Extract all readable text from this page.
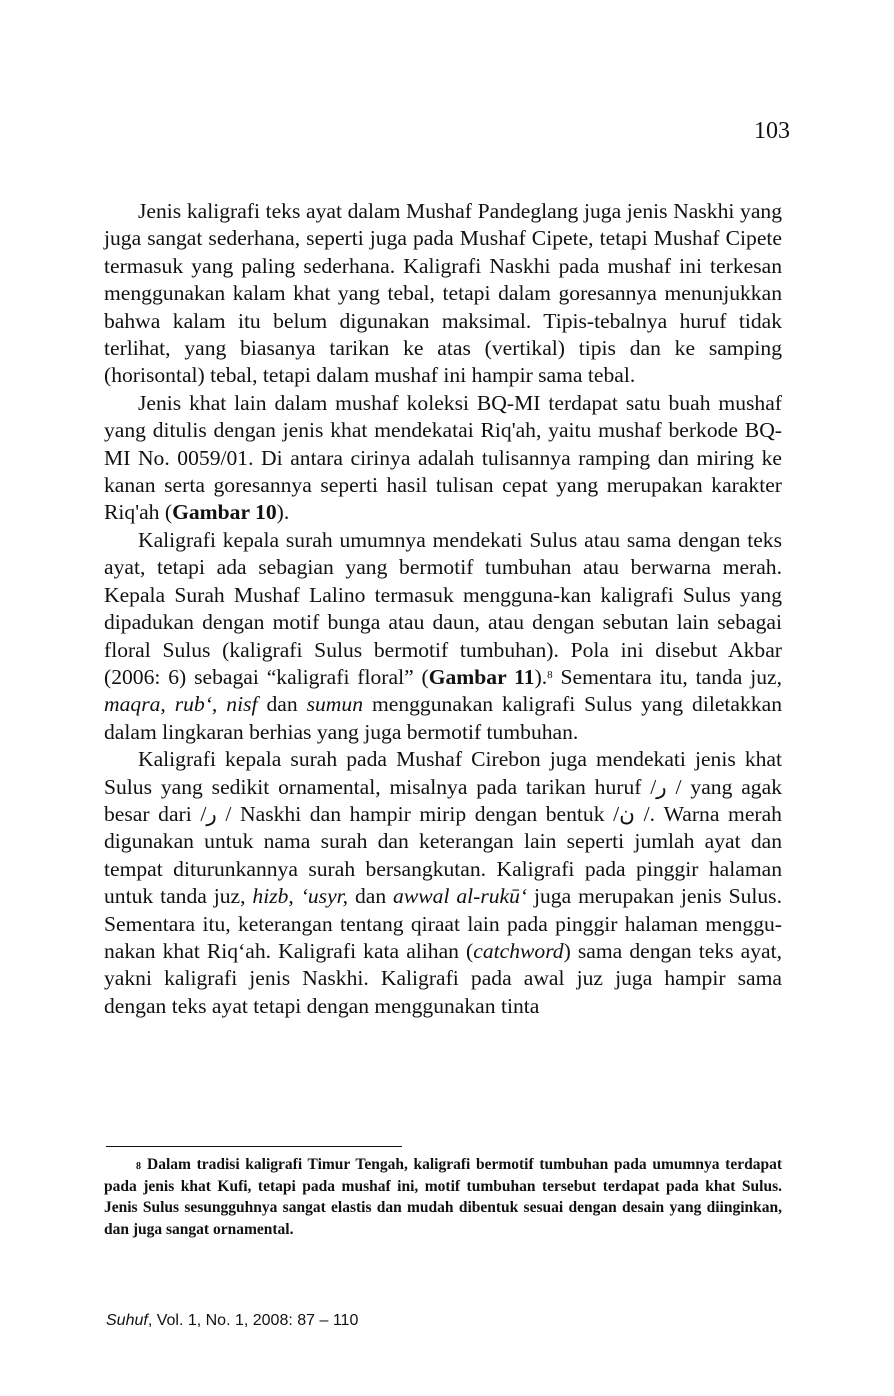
103

Jenis kaligrafi teks ayat dalam Mushaf Pandeglang juga jenis Naskhi yang juga sangat sederhana, seperti juga pada Mushaf Cipete, tetapi Mushaf Cipete termasuk yang paling sederhana. Kaligrafi Naskhi pada mushaf ini terkesan menggunakan kalam khat yang tebal, tetapi dalam goresannya menunjukkan bahwa kalam itu belum digunakan maksimal. Tipis-tebalnya huruf tidak terlihat, yang biasanya tarikan ke atas (vertikal) tipis dan ke samping (horisontal) tebal, tetapi dalam mushaf ini hampir sama tebal.

Jenis khat lain dalam mushaf koleksi BQ-MI terdapat satu buah mushaf yang ditulis dengan jenis khat mendekatai Riq'ah, yaitu mushaf berkode BQ-MI No. 0059/01. Di antara cirinya adalah tulisannya ramping dan miring ke kanan serta goresannya seperti hasil tulisan cepat yang merupakan karakter Riq'ah (Gambar 10).

Kaligrafi kepala surah umumnya mendekati Sulus atau sama dengan teks ayat, tetapi ada sebagian yang bermotif tumbuhan atau berwarna merah. Kepala Surah Mushaf Lalino termasuk mengguna-kan kaligrafi Sulus yang dipadukan dengan motif bunga atau daun, atau dengan sebutan lain sebagai floral Sulus (kaligrafi Sulus bermotif tumbuhan). Pola ini disebut Akbar (2006: 6) sebagai “kaligrafi floral” (Gambar 11).$^8$ Sementara itu, tanda juz, maqra, rub‘, nisf dan sumun menggunakan kaligrafi Sulus yang diletakkan dalam lingkaran berhias yang juga bermotif tumbuhan.

Kaligrafi kepala surah pada Mushaf Cirebon juga mendekati jenis khat Sulus yang sedikit ornamental, misalnya pada tarikan huruf /ر / yang agak besar dari /ر / Naskhi dan hampir mirip dengan bentuk /ن /. Warna merah digunakan untuk nama surah dan keterangan lain seperti jumlah ayat dan tempat diturunkannya surah bersangkutan. Kaligrafi pada pinggir halaman untuk tanda juz, hizb, ‘usyr, dan awwal al-rukū‘ juga merupakan jenis Sulus. Sementara itu, keterangan tentang qiraat lain pada pinggir halaman menggu-nakan khat Riq‘ah. Kaligrafi kata alihan (catchword) sama dengan teks ayat, yakni kaligrafi jenis Naskhi. Kaligrafi pada awal juz juga hampir sama dengan teks ayat tetapi dengan menggunakan tinta

$^8$ Dalam tradisi kaligrafi Timur Tengah, kaligrafi bermotif tumbuhan pada umumnya terdapat pada jenis khat Kufi, tetapi pada mushaf ini, motif tumbuhan tersebut terdapat pada khat Sulus. Jenis Sulus sesungguhnya sangat elastis dan mudah dibentuk sesuai dengan desain yang diinginkan, dan juga sangat ornamental.
Suhuf, Vol. 1, No. 1, 2008: 87 – 110
